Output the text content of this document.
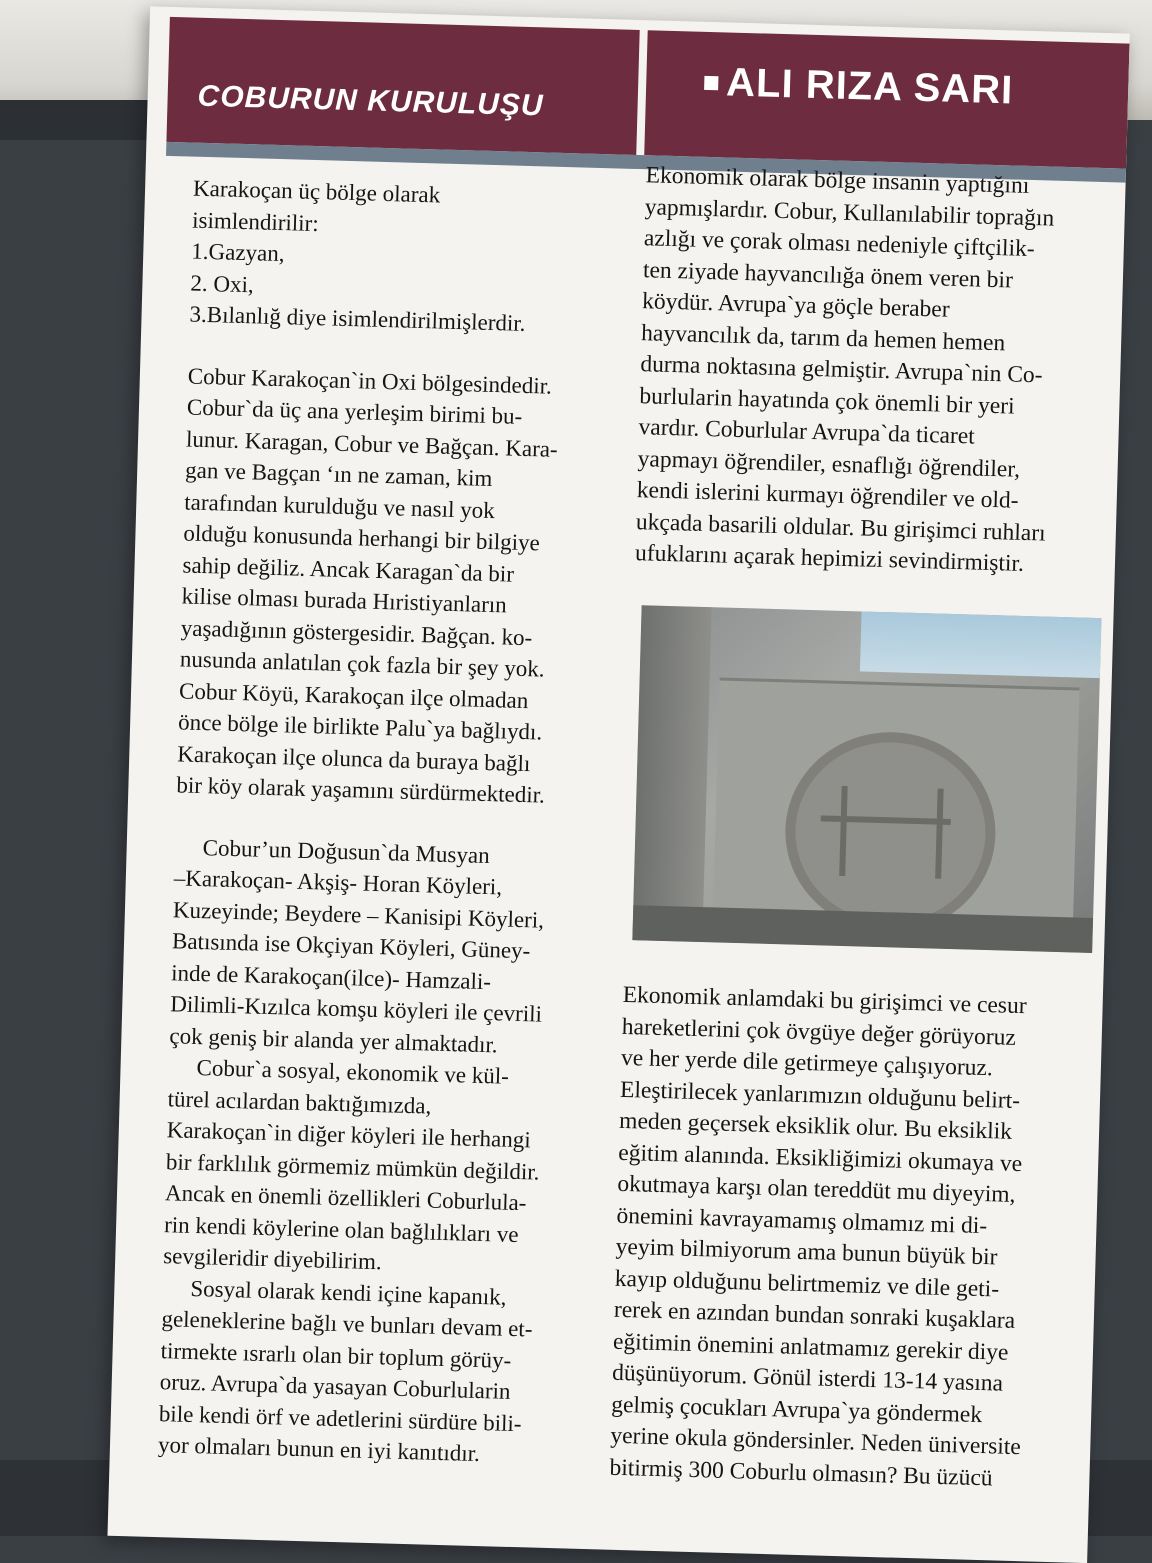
COBURUN KURULUŞU	ALI RIZA SARI

Karakoçan üç bölge olarak
isimlendirilir:
1.Gazyan,
2. Oxi,
3.Bılanlığ diye isimlendirilmişlerdir.

Cobur Karakoçan`in Oxi bölgesindedir.
Cobur`da üç ana yerleşim birimi bu-
lunur. Karagan, Cobur ve Bağçan. Kara-
gan ve Bagçan ‘ın ne zaman, kim
tarafından kurulduğu ve nasıl yok
olduğu konusunda herhangi bir bilgiye
sahip değiliz. Ancak Karagan`da bir
kilise olması burada Hıristiyanların
yaşadığının göstergesidir. Bağçan. ko-
nusunda anlatılan çok fazla bir şey yok.
Cobur Köyü, Karakoçan ilçe olmadan
önce bölge ile birlikte Palu`ya bağlıydı.
Karakoçan ilçe olunca da buraya bağlı
bir köy olarak yaşamını sürdürmektedir.

Cobur’un Doğusun`da Musyan
–Karakoçan- Akşiş- Horan Köyleri,
Kuzeyinde; Beydere – Kanisipi Köyleri,
Batısında ise Okçiyan Köyleri, Güney-
inde de Karakoçan(ilce)- Hamzali-
Dilimli-Kızılca komşu köyleri ile çevrili
çok geniş bir alanda yer almaktadır.

Cobur`a sosyal, ekonomik ve kül-
türel acılardan baktığımızda,
Karakoçan`in diğer köyleri ile herhangi
bir farklılık görmemiz mümkün değildir.
Ancak en önemli özellikleri Coburlula-
rin kendi köylerine olan bağlılıkları ve
sevgileridir diyebilirim.

Sosyal olarak kendi içine kapanık,
geleneklerine bağlı ve bunları devam et-
tirmekte ısrarlı olan bir toplum görüy-
oruz. Avrupa`da yasayan Coburlularin
bile kendi örf ve adetlerini sürdüre bili-
yor olmaları bunun en iyi kanıtıdır.

Ekonomik olarak bölge insanin yaptığını
yapmışlardır. Cobur, Kullanılabilir toprağın
azlığı ve çorak olması nedeniyle çiftçilik-
ten ziyade hayvancılığa önem veren bir
köydür. Avrupa`ya göçle beraber
hayvancılık da, tarım da hemen hemen
durma noktasına gelmiştir. Avrupa`nin Co-
burlularin hayatında çok önemli bir yeri
vardır. Coburlular Avrupa`da ticaret
yapmayı öğrendiler, esnaflığı öğrendiler,
kendi islerini kurmayı öğrendiler ve old-
ukçada basarili oldular. Bu girişimci ruhları
ufuklarını açarak hepimizi sevindirmiştir.

Ekonomik anlamdaki bu girişimci ve cesur
hareketlerini çok övgüye değer görüyoruz
ve her yerde dile getirmeye çalışıyoruz.
Eleştirilecek yanlarımızın olduğunu belirt-
meden geçersek eksiklik olur. Bu eksiklik
eğitim alanında. Eksikliğimizi okumaya ve
okutmaya karşı olan tereddüt mu diyeyim,
önemini kavrayamamış olmamız mi di-
yeyim bilmiyorum ama bunun büyük bir
kayıp olduğunu belirtmemiz ve dile geti-
rerek en azından bundan sonraki kuşaklara
eğitimin önemini anlatmamız gerekir diye
düşünüyorum. Gönül isterdi 13-14 yasına
gelmiş çocukları Avrupa`ya göndermek
yerine okula göndersinler. Neden üniversite
bitirmiş 300 Coburlu olmasın? Bu üzücü
